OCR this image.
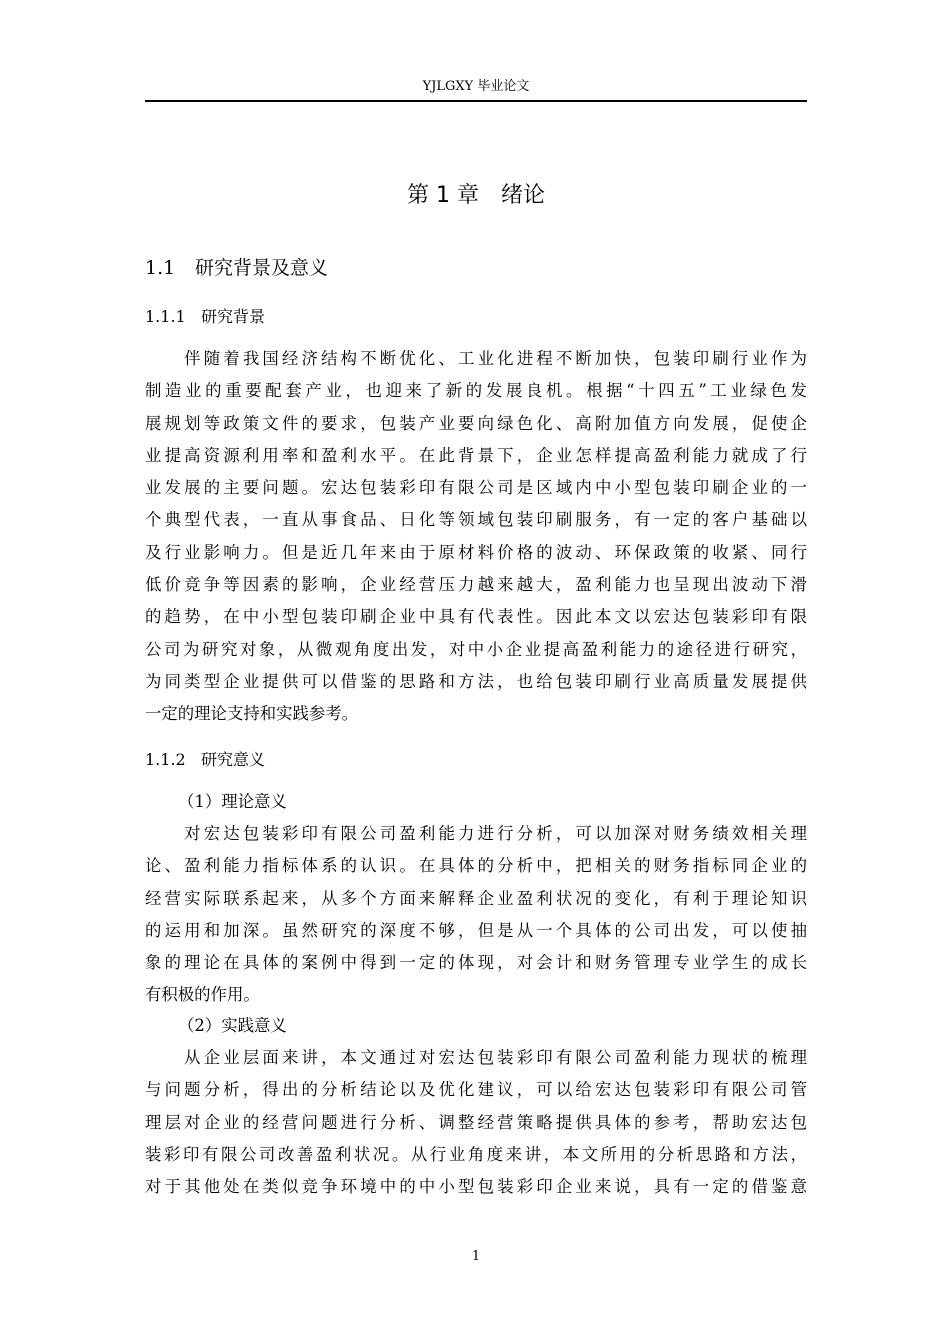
YJLGXY 毕业论文
第 1 章 绪论
1.1 研究背景及意义
1.1.1 研究背景
　　伴随着我国经济结构不断优化、工业化进程不断加快，包装印刷行业作为
制造业的重要配套产业，也迎来了新的发展良机。根据“十四五”工业绿色发
展规划等政策文件的要求，包装产业要向绿色化、高附加值方向发展，促使企
业提高资源利用率和盈利水平。在此背景下，企业怎样提高盈利能力就成了行
业发展的主要问题。宏达包装彩印有限公司是区域内中小型包装印刷企业的一
个典型代表，一直从事食品、日化等领域包装印刷服务，有一定的客户基础以
及行业影响力。但是近几年来由于原材料价格的波动、环保政策的收紧、同行
低价竞争等因素的影响，企业经营压力越来越大，盈利能力也呈现出波动下滑
的趋势，在中小型包装印刷企业中具有代表性。因此本文以宏达包装彩印有限
公司为研究对象，从微观角度出发，对中小企业提高盈利能力的途径进行研究，
为同类型企业提供可以借鉴的思路和方法，也给包装印刷行业高质量发展提供
一定的理论支持和实践参考。
1.1.2 研究意义
（1）理论意义
　　对宏达包装彩印有限公司盈利能力进行分析，可以加深对财务绩效相关理
论、盈利能力指标体系的认识。在具体的分析中，把相关的财务指标同企业的
经营实际联系起来，从多个方面来解释企业盈利状况的变化，有利于理论知识
的运用和加深。虽然研究的深度不够，但是从一个具体的公司出发，可以使抽
象的理论在具体的案例中得到一定的体现，对会计和财务管理专业学生的成长
有积极的作用。
（2）实践意义
　　从企业层面来讲，本文通过对宏达包装彩印有限公司盈利能力现状的梳理
与问题分析，得出的分析结论以及优化建议，可以给宏达包装彩印有限公司管
理层对企业的经营问题进行分析、调整经营策略提供具体的参考，帮助宏达包
装彩印有限公司改善盈利状况。从行业角度来讲，本文所用的分析思路和方法，
对于其他处在类似竞争环境中的中小型包装彩印企业来说，具有一定的借鉴意
1
